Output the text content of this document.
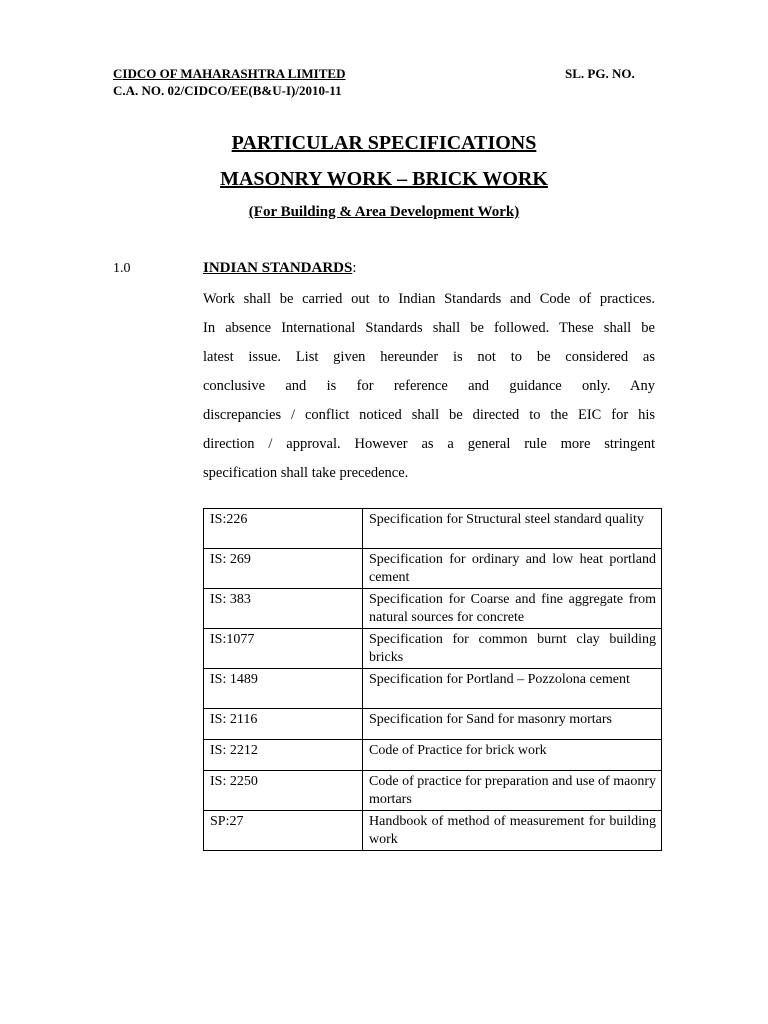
CIDCO OF MAHARASHTRA LIMITED
C.A. NO. 02/CIDCO/EE(B&U-I)/2010-11
SL. PG. NO.
PARTICULAR SPECIFICATIONS
MASONRY WORK – BRICK WORK
(For Building & Area Development Work)
1.0	INDIAN STANDARDS:
Work shall be carried out to Indian Standards and Code of practices.
In absence International Standards shall be followed. These shall be
latest issue. List given hereunder is not to be considered as
conclusive and is for reference and guidance only. Any
discrepancies / conflict noticed shall be directed to the EIC for his
direction / approval. However as a general rule more stringent
specification shall take precedence.
IS:226	Specification for Structural steel standard quality
IS: 269	Specification for ordinary and low heat portland cement
IS: 383	Specification for Coarse and fine aggregate from natural sources for concrete
IS:1077	Specification for common burnt clay building bricks
IS: 1489	Specification for Portland – Pozzolona cement
IS: 2116	Specification for Sand for masonry mortars
IS: 2212	Code of Practice for brick work
IS: 2250	Code of practice for preparation and use of maonry mortars
SP:27	Handbook of method of measurement for building work
